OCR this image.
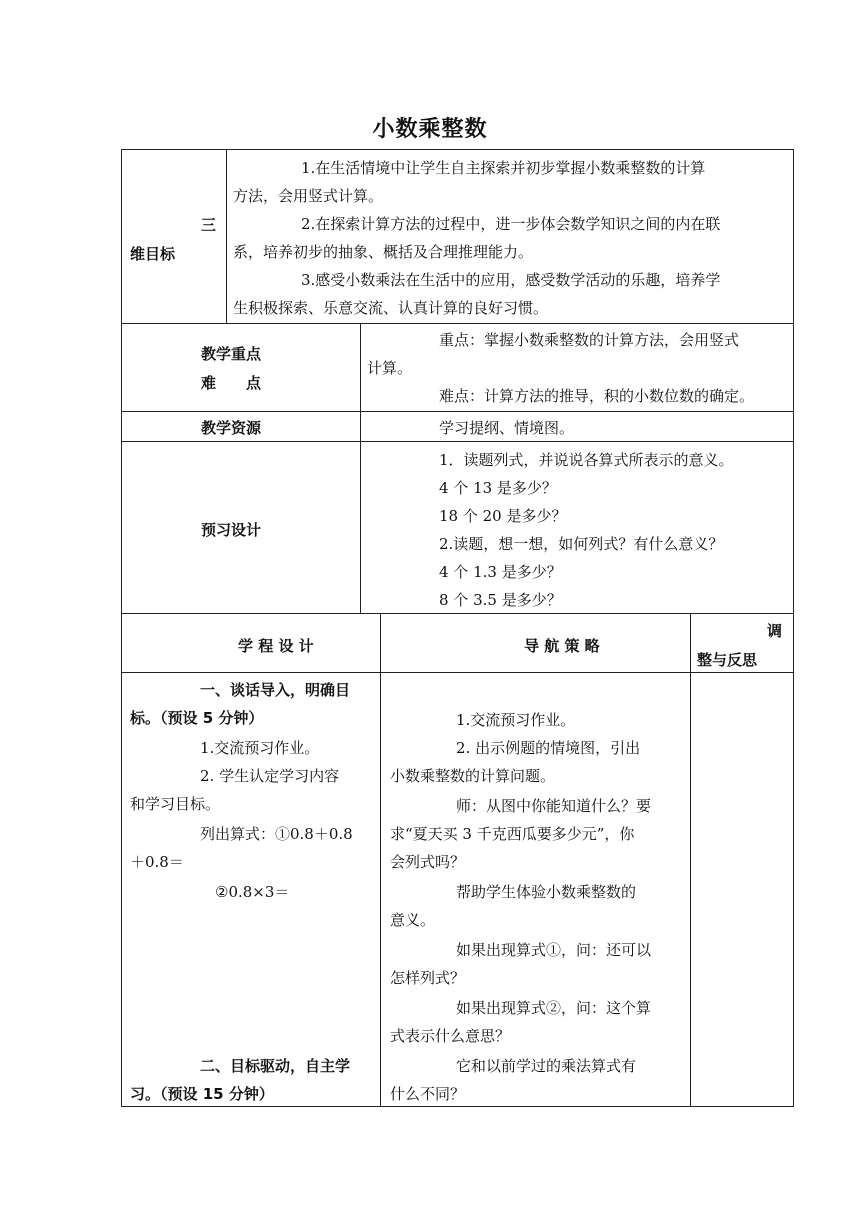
小数乘整数
三
维目标
1.在生活情境中让学生自主探索并初步掌握小数乘整数的计算
方法，会用竖式计算。
2.在探索计算方法的过程中，进一步体会数学知识之间的内在联
系，培养初步的抽象、概括及合理推理能力。
3.感受小数乘法在生活中的应用，感受数学活动的乐趣，培养学
生积极探索、乐意交流、认真计算的良好习惯。
教学重点
难　　点
重点：掌握小数乘整数的计算方法，会用竖式
计算。
难点：计算方法的推导，积的小数位数的确定。
教学资源	学习提纲、情境图。
预习设计
1．读题列式，并说说各算式所表示的意义。
4 个 13 是多少？
18 个 20 是多少？
2.读题，想一想，如何列式？有什么意义？
4 个 1.3 是多少？
8 个 3.5 是多少？
学 程 设 计	导 航 策 略
调
整与反思
一、谈话导入，明确目
标。（预设 5 分钟）
1.交流预习作业。
2. 学生认定学习内容
和学习目标。
列出算式：①0.8＋0.8
＋0.8＝
②0.8×3＝
二、目标驱动，自主学
习。（预设 15 分钟）
1.交流预习作业。
2. 出示例题的情境图，引出
小数乘整数的计算问题。
师：从图中你能知道什么？要
求“夏天买 3 千克西瓜要多少元”，你
会列式吗？
帮助学生体验小数乘整数的
意义。
如果出现算式①，问：还可以
怎样列式？
如果出现算式②，问：这个算
式表示什么意思？
它和以前学过的乘法算式有
什么不同？
